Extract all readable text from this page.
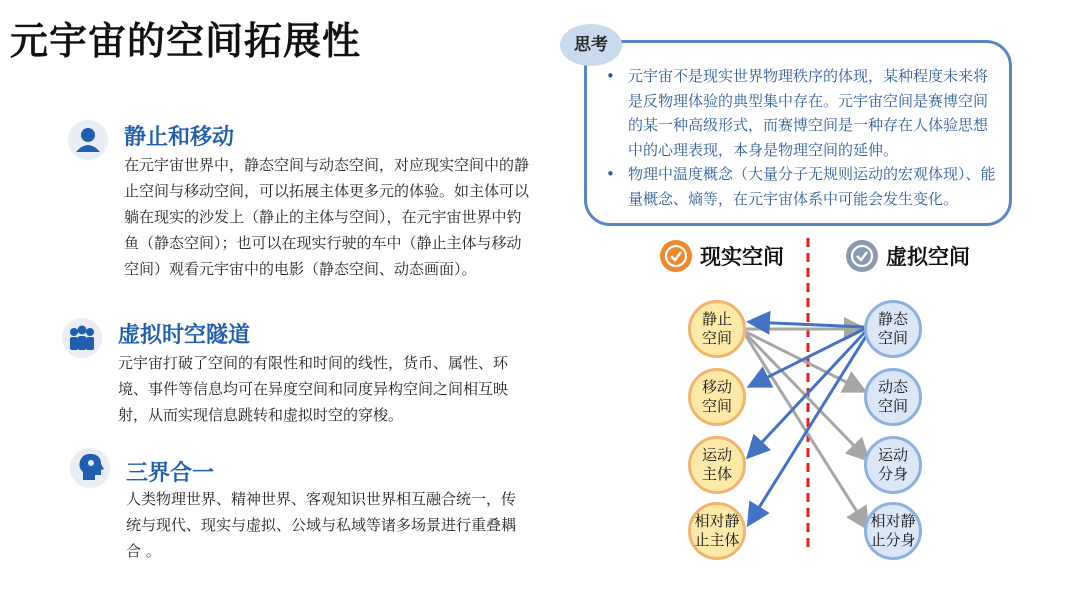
元宇宙的空间拓展性
静止和移动
在元宇宙世界中，静态空间与动态空间，对应现实空间中的静止空间与移动空间，可以拓展主体更多元的体验。如主体可以躺在现实的沙发上（静止的主体与空间），在元宇宙世界中钓鱼（静态空间）；也可以在现实行驶的车中（静止主体与移动空间）观看元宇宙中的电影（静态空间、动态画面）。
虚拟时空隧道
元宇宙打破了空间的有限性和时间的线性，货币、属性、环境、事件等信息均可在异度空间和同度异构空间之间相互映射，从而实现信息跳转和虚拟时空的穿梭。
三界合一
人类物理世界、精神世界、客观知识世界相互融合统一，传统与现代、现实与虚拟、公域与私域等诸多场景进行重叠耦合 。
思考
• 元宇宙不是现实世界物理秩序的体现，某种程度未来将是反物理体验的典型集中存在。元宇宙空间是赛博空间的某一种高级形式，而赛博空间是一种存在人体验思想中的心理表现，本身是物理空间的延伸。
• 物理中温度概念（大量分子无规则运动的宏观体现）、能量概念、熵等，在元宇宙体系中可能会发生变化。
现实空间	虚拟空间
静止
空间
移动
空间
运动
主体
相对静
止主体
静态
空间
动态
空间
运动
分身
相对静
止分身
